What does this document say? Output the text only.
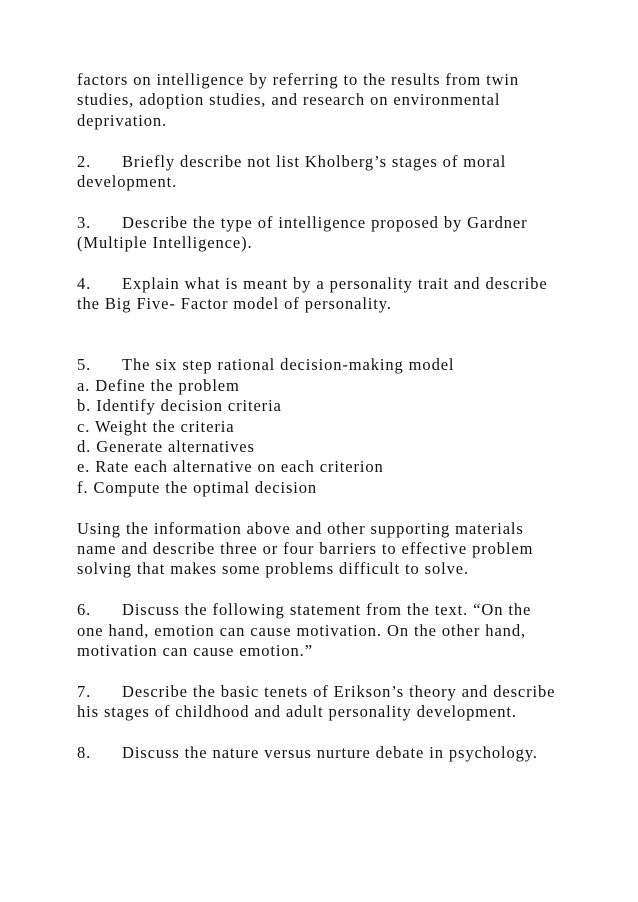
factors on intelligence by referring to the results from twin
studies, adoption studies, and research on environmental
deprivation.
2. Briefly describe not list Kholberg’s stages of moral
development.
3. Describe the type of intelligence proposed by Gardner
(Multiple Intelligence).
4. Explain what is meant by a personality trait and describe
the Big Five- Factor model of personality.
5. The six step rational decision-making model
a. Define the problem
b. Identify decision criteria
c. Weight the criteria
d. Generate alternatives
e. Rate each alternative on each criterion
f. Compute the optimal decision
Using the information above and other supporting materials
name and describe three or four barriers to effective problem
solving that makes some problems difficult to solve.
6. Discuss the following statement from the text. “On the
one hand, emotion can cause motivation. On the other hand,
motivation can cause emotion.”
7. Describe the basic tenets of Erikson’s theory and describe
his stages of childhood and adult personality development.
8. Discuss the nature versus nurture debate in psychology.
